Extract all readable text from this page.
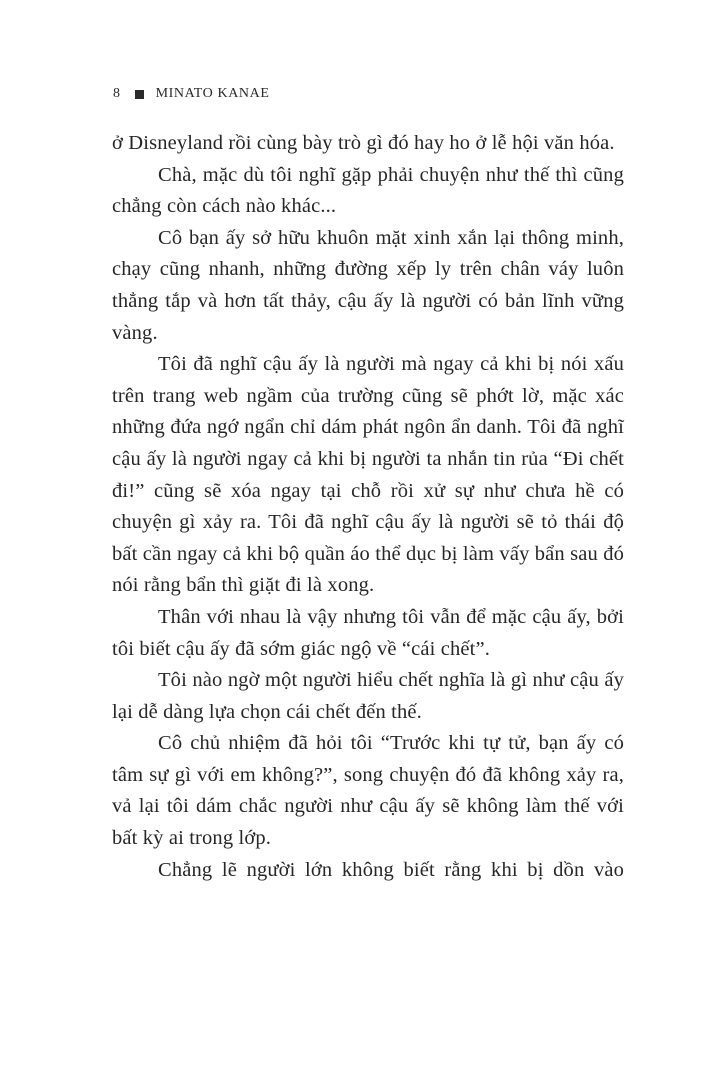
8	MINATO KANAE

ở Disneyland rồi cùng bày trò gì đó hay ho ở lễ hội văn hóa.

Chà, mặc dù tôi nghĩ gặp phải chuyện như thế thì cũng chẳng còn cách nào khác...

Cô bạn ấy sở hữu khuôn mặt xinh xắn lại thông minh, chạy cũng nhanh, những đường xếp ly trên chân váy luôn thẳng tắp và hơn tất thảy, cậu ấy là người có bản lĩnh vững vàng.

Tôi đã nghĩ cậu ấy là người mà ngay cả khi bị nói xấu trên trang web ngầm của trường cũng sẽ phớt lờ, mặc xác những đứa ngớ ngẩn chỉ dám phát ngôn ẩn danh. Tôi đã nghĩ cậu ấy là người ngay cả khi bị người ta nhắn tin rủa “Đi chết đi!” cũng sẽ xóa ngay tại chỗ rồi xử sự như chưa hề có chuyện gì xảy ra. Tôi đã nghĩ cậu ấy là người sẽ tỏ thái độ bất cần ngay cả khi bộ quần áo thể dục bị làm vấy bẩn sau đó nói rằng bẩn thì giặt đi là xong.

Thân với nhau là vậy nhưng tôi vẫn để mặc cậu ấy, bởi tôi biết cậu ấy đã sớm giác ngộ về “cái chết”.

Tôi nào ngờ một người hiểu chết nghĩa là gì như cậu ấy lại dễ dàng lựa chọn cái chết đến thế.

Cô chủ nhiệm đã hỏi tôi “Trước khi tự tử, bạn ấy có tâm sự gì với em không?”, song chuyện đó đã không xảy ra, vả lại tôi dám chắc người như cậu ấy sẽ không làm thế với bất kỳ ai trong lớp.

Chẳng lẽ người lớn không biết rằng khi bị dồn vào
